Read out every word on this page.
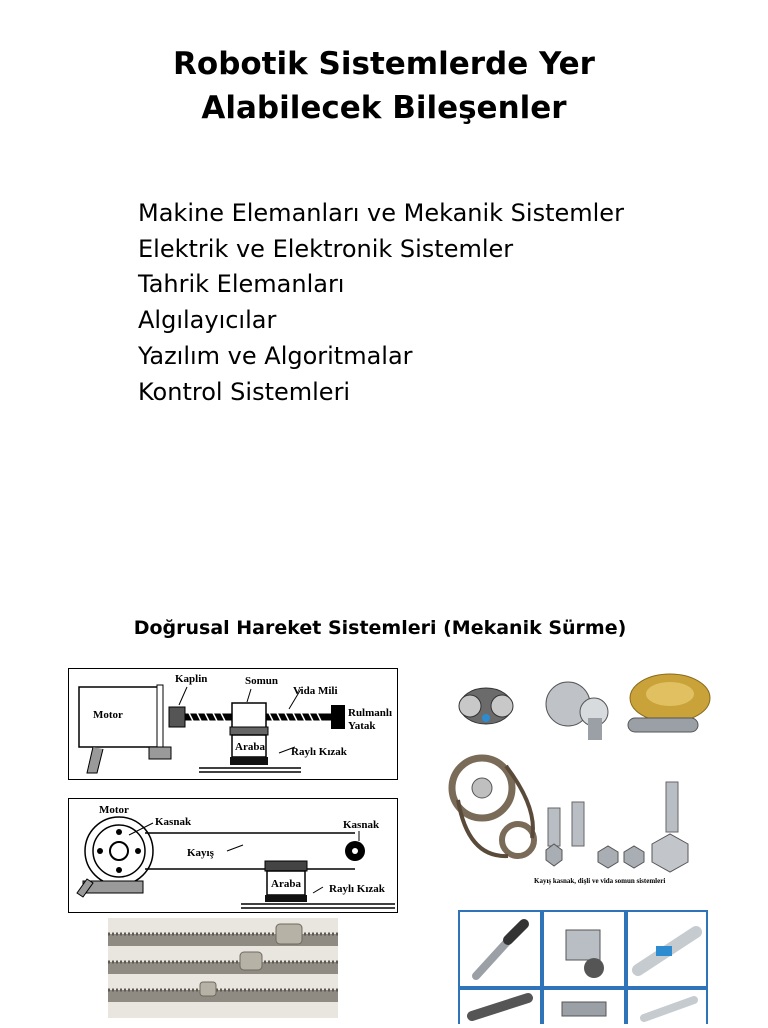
Robotik Sistemlerde Yer
Alabilecek Bileşenler
Makine Elemanları ve Mekanik Sistemler
Elektrik ve Elektronik Sistemler
Tahrik Elemanları
Algılayıcılar
Yazılım ve Algoritmalar
Kontrol Sistemleri
Doğrusal Hareket Sistemleri (Mekanik Sürme)
Motor
Kaplin	Somun
Vida Mili
Rulmanlı
Yatak
Araba Raylı Kızak
Motor
Kasnak	Kasnak
Kayış
Araba	Raylı Kızak
Kayış kasnak, dişli ve vida somun sistemleri
